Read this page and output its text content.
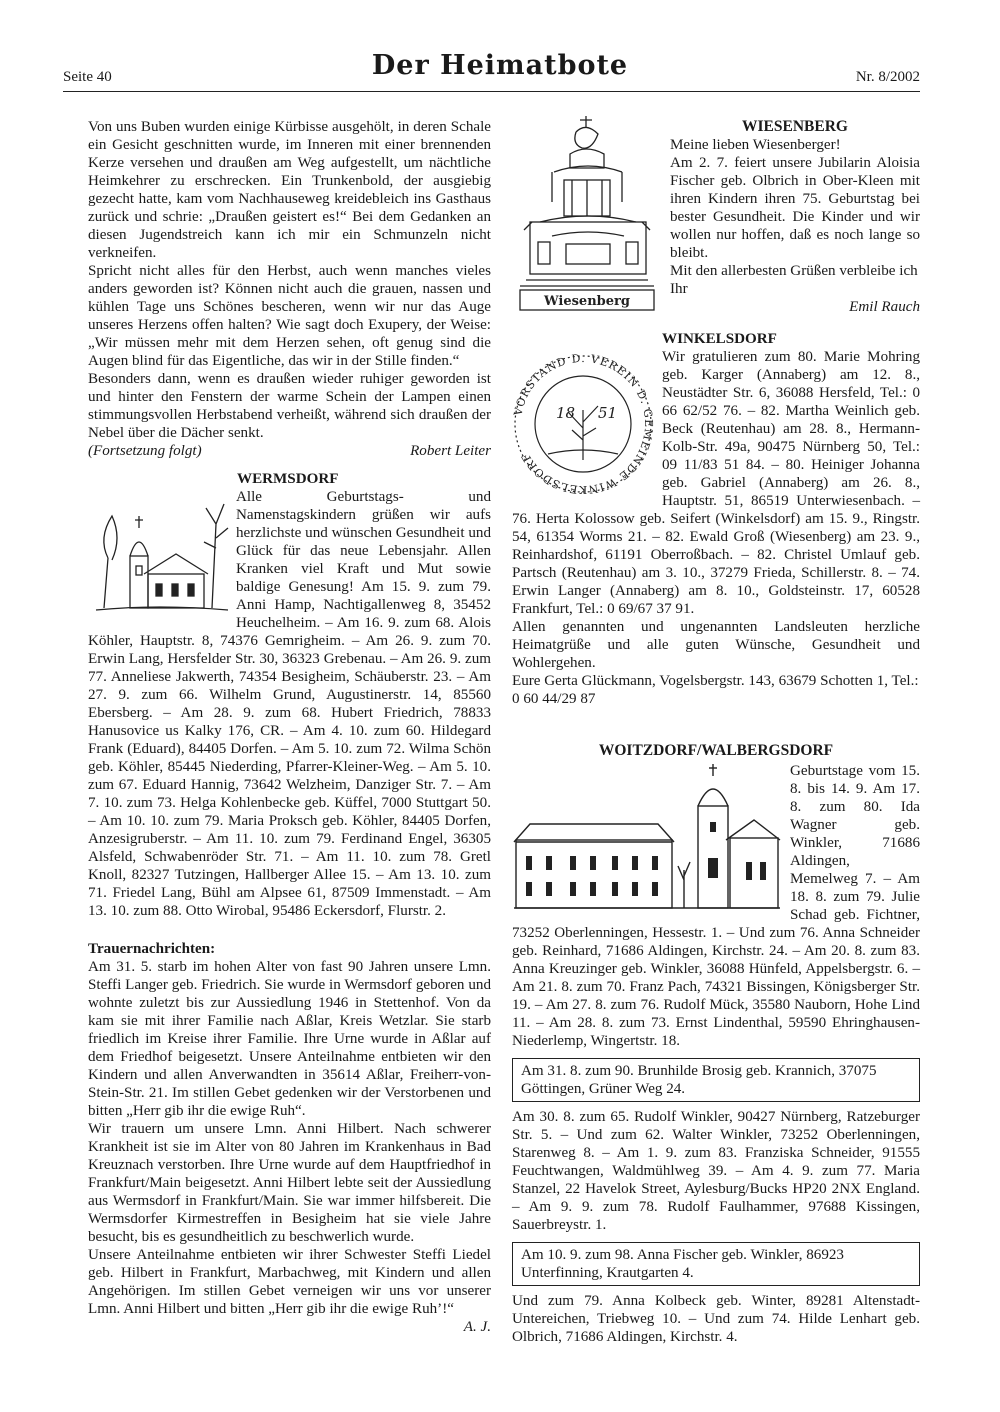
Seite 40	Der Heimatbote	Nr. 8/2002

Von uns Buben wurden einige Kürbisse ausgehölt, in deren Schale ein Gesicht geschnitten wurde, im Inneren mit einer brennenden Kerze versehen und draußen am Weg aufgestellt, um nächtliche Heimkehrer zu erschrecken. Ein Trunkenbold, der ausgiebig gezecht hatte, kam vom Nachhauseweg kreidebleich ins Gasthaus zurück und schrie: „Draußen geistert es!“ Bei dem Gedanken an diesen Jugendstreich kann ich mir ein Schmunzeln nicht verkneifen.

Spricht nicht alles für den Herbst, auch wenn manches vieles anders geworden ist? Können nicht auch die grauen, nassen und kühlen Tage uns Schönes bescheren, wenn wir nur das Auge unseres Herzens offen halten? Wie sagt doch Exupery, der Weise: „Wir müssen mehr mit dem Herzen sehen, oft genug sind die Augen blind für das Eigentliche, das wir in der Stille finden.“

Besonders dann, wenn es draußen wieder ruhiger geworden ist und hinter den Fenstern der warme Schein der Lampen einen stimmungsvollen Herbstabend verheißt, während sich draußen der Nebel über die Dächer senkt.

(Fortsetzung folgt)	Robert Leiter
WERMSDORF

Alle Geburtstags- und Namenstagskindern grüßen wir aufs herzlichste und wünschen Gesundheit und Glück für das neue Lebensjahr. Allen Kranken viel Kraft und Mut sowie baldige Genesung! Am 15. 9. zum 79. Anni Hamp, Nachtigallenweg 8, 35452 Heuchelheim. – Am 16. 9. zum 68. Alois Köhler, Hauptstr. 8, 74376 Gemrigheim. – Am 26. 9. zum 70. Erwin Lang, Hersfelder Str. 30, 36323 Grebenau. – Am 26. 9. zum 77. Anneliese Jakwerth, 74354 Besigheim, Schäuberstr. 23. – Am 27. 9. zum 66. Wilhelm Grund, Augustinerstr. 14, 85560 Ebersberg. – Am 28. 9. zum 68. Hubert Friedrich, 78833 Hanusovice us Kalky 176, CR. – Am 4. 10. zum 60. Hildegard Frank (Eduard), 84405 Dorfen. – Am 5. 10. zum 72. Wilma Schön geb. Köhler, 85445 Niederding, Pfarrer-Kleiner-Weg. – Am 5. 10. zum 67. Eduard Hannig, 73642 Welzheim, Danziger Str. 7. – Am 7. 10. zum 73. Helga Kohlenbecke geb. Küffel, 7000 Stuttgart 50. – Am 10. 10. zum 79. Maria Proksch geb. Köhler, 84405 Dorfen, Anzesigruberstr. – Am 11. 10. zum 79. Ferdinand Engel, 36305 Alsfeld, Schwabenröder Str. 71. – Am 11. 10. zum 78. Gretl Knoll, 82327 Tutzingen, Hallberger Allee 15. – Am 13. 10. zum 71. Friedel Lang, Bühl am Alpsee 61, 87509 Immenstadt. – Am 13. 10. zum 88. Otto Wirobal, 95486 Eckersdorf, Flurstr. 2.

Trauernachrichten:

Am 31. 5. starb im hohen Alter von fast 90 Jahren unsere Lmn. Steffi Langer geb. Friedrich. Sie wurde in Wermsdorf geboren und wohnte zuletzt bis zur Aussiedlung 1946 in Stettenhof. Von da kam sie mit ihrer Familie nach Aßlar, Kreis Wetzlar. Sie starb friedlich im Kreise ihrer Familie. Ihre Urne wurde in Aßlar auf dem Friedhof beigesetzt. Unsere Anteilnahme entbieten wir den Kindern und allen Anverwandten in 35614 Aßlar, Freiherr-von-Stein-Str. 21. Im stillen Gebet gedenken wir der Verstorbenen und bitten „Herr gib ihr die ewige Ruh“.

Wir trauern um unsere Lmn. Anni Hilbert. Nach schwerer Krankheit ist sie im Alter von 80 Jahren im Krankenhaus in Bad Kreuznach verstorben. Ihre Urne wurde auf dem Hauptfriedhof in Frankfurt/Main beigesetzt. Anni Hilbert lebte seit der Aussiedlung aus Wermsdorf in Frankfurt/Main. Sie war immer hilfsbereit. Die Wermsdorfer Kirmestreffen in Besigheim hat sie viele Jahre besucht, bis es gesundheitlich zu beschwerlich wurde.

Unsere Anteilnahme entbieten wir ihrer Schwester Steffi Liedel geb. Hilbert in Frankfurt, Marbachweg, mit Kindern und allen Angehörigen. Im stillen Gebet verneigen wir uns vor unserer Lmn. Anni Hilbert und bitten „Herr gib ihr die ewige Ruh’!“

A. J.

Wiesenberg
WIESENBERG

Meine lieben Wiesenberger!

Am 2. 7. feiert unsere Jubilarin Aloisia Fischer geb. Olbrich in Ober-Kleen mit ihren Kindern ihren 75. Geburtstag bei bester Gesundheit. Die Kinder und wir wollen nur hoffen, daß es noch lange so bleibt.

Mit den allerbesten Grüßen verbleibe ich Ihr

Emil Rauch

VORSTAND D. VEREIN D. GEMEINDE WINKELSDORF
18 51
WINKELSDORF

Wir gratulieren zum 80. Marie Mohring geb. Karger (Annaberg) am 12. 8., Neustädter Str. 6, 36088 Hersfeld, Tel.: 0 66 62/52 76. – 82. Martha Weinlich geb. Beck (Reutenhau) am 28. 8., Hermann-Kolb-Str. 49a, 90475 Nürnberg 50, Tel.: 09 11/83 51 84. – 80. Heiniger Johanna geb. Gabriel (Annaberg) am 26. 8., Hauptstr. 51, 86519 Unterwiesenbach. – 76. Herta Kolossow geb. Seifert (Winkelsdorf) am 15. 9., Ringstr. 54, 61354 Worms 21. – 82. Ewald Groß (Wiesenberg) am 23. 9., Reinhardshof, 61191 Oberroßbach. – 82. Christel Umlauf geb. Partsch (Reutenhau) am 3. 10., 37279 Frieda, Schillerstr. 8. – 74. Erwin Langer (Annaberg) am 8. 10., Goldsteinstr. 17, 60528 Frankfurt, Tel.: 0 69/67 37 91.

Allen genannten und ungenannten Landsleuten herzliche Heimatgrüße und alle guten Wünsche, Gesundheit und Wohlergehen.

Eure Gerta Glückmann, Vogelsbergstr. 143, 63679 Schotten 1, Tel.: 0 60 44/29 87

WOITZDORF/WALBERGSDORF

Geburtstage vom 15. 8. bis 14. 9. Am 17. 8. zum 80. Ida Wagner geb. Winkler, 71686 Aldingen, Memelweg 7. – Am 18. 8. zum 79. Julie Schad geb. Fichtner, 73252 Oberlenningen, Hessestr. 1. – Und zum 76. Anna Schneider geb. Reinhard, 71686 Aldingen, Kirchstr. 24. – Am 20. 8. zum 83. Anna Kreuzinger geb. Winkler, 36088 Hünfeld, Appelsbergstr. 6. – Am 21. 8. zum 70. Franz Pach, 74321 Bissingen, Königsberger Str. 19. – Am 27. 8. zum 76. Rudolf Mück, 35580 Nauborn, Hohe Lind 11. – Am 28. 8. zum 73. Ernst Lindenthal, 59590 Ehringhausen-Niederlemp, Wingertstr. 18.

Am 31. 8. zum 90. Brunhilde Brosig geb. Krannich, 37075 Göttingen, Grüner Weg 24.

Am 30. 8. zum 65. Rudolf Winkler, 90427 Nürnberg, Ratzeburger Str. 5. – Und zum 62. Walter Winkler, 73252 Oberlenningen, Starenweg 8. – Am 1. 9. zum 83. Franziska Schneider, 91555 Feuchtwangen, Waldmühlweg 39. – Am 4. 9. zum 77. Maria Stanzel, 22 Havelok Street, Aylesburg/Bucks HP20 2NX England. – Am 9. 9. zum 78. Rudolf Faulhammer, 97688 Kissingen, Sauerbreystr. 1.

Am 10. 9. zum 98. Anna Fischer geb. Winkler, 86923 Unterfinning, Krautgarten 4.

Und zum 79. Anna Kolbeck geb. Winter, 89281 Altenstadt-Untereichen, Triebweg 10. – Und zum 74. Hilde Lenhart geb. Olbrich, 71686 Aldingen, Kirchstr. 4.
